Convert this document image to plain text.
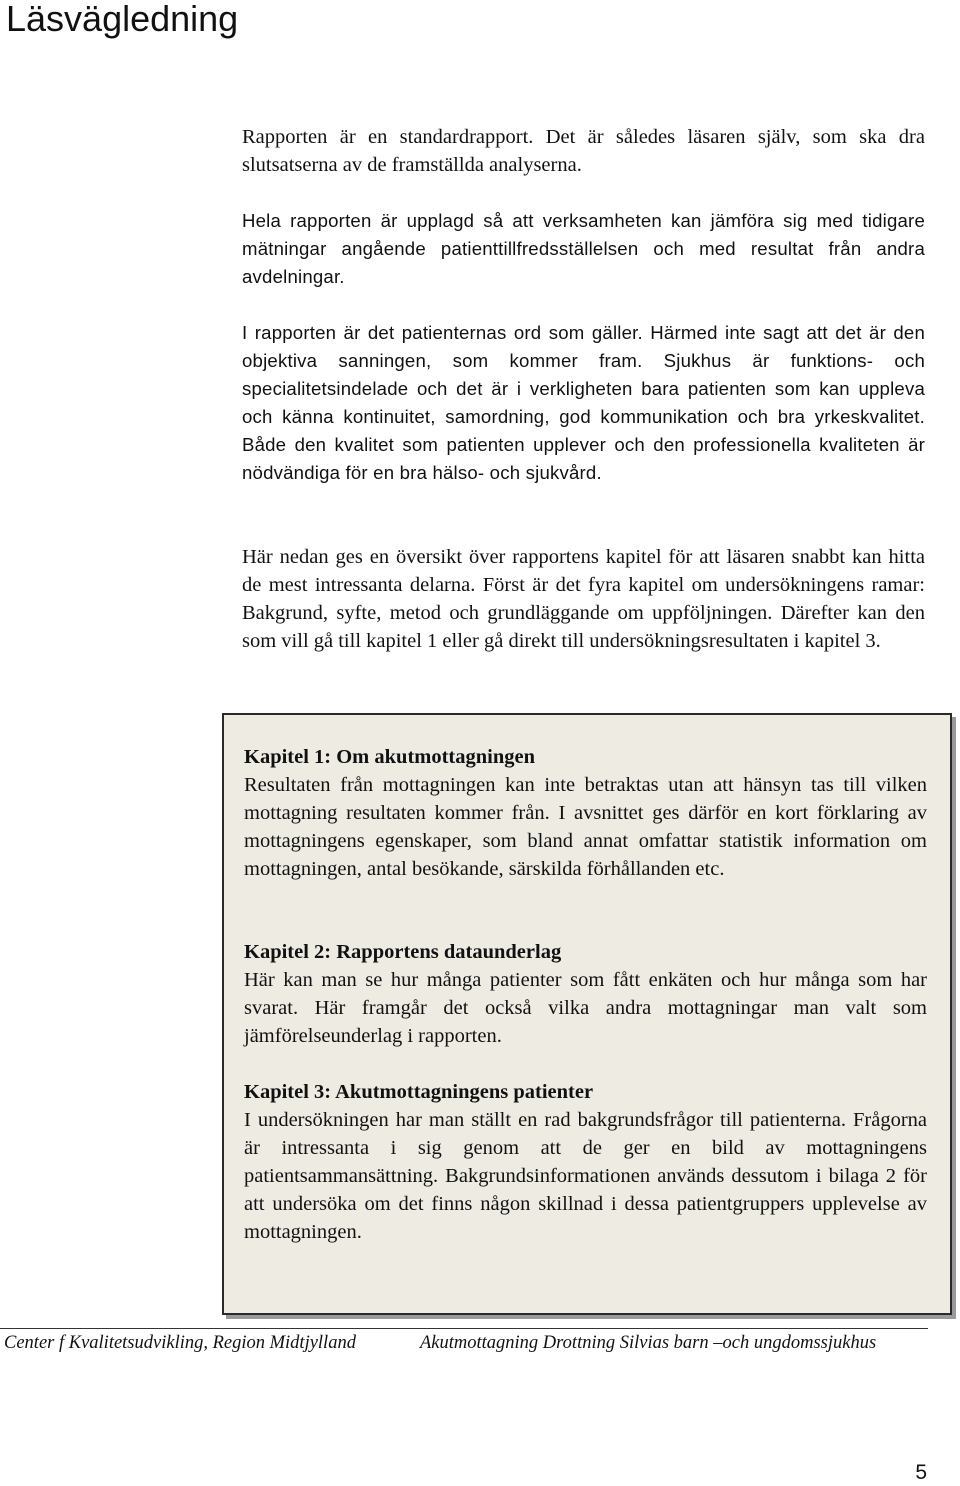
Läsvägledning

Rapporten är en standardrapport. Det är således läsaren själv, som ska dra slutsatserna av de framställda analyserna.

Hela rapporten är upplagd så att verksamheten kan jämföra sig med tidigare mätningar angående patienttillfredsställelsen och med resultat från andra avdelningar.

I rapporten är det patienternas ord som gäller. Härmed inte sagt att det är den objektiva sanningen, som kommer fram. Sjukhus är funktions- och specialitetsindelade och det är i verkligheten bara patienten som kan uppleva och känna kontinuitet, samordning, god kommunikation och bra yrkeskvalitet. Både den kvalitet som patienten upplever och den professionella kvaliteten är nödvändiga för en bra hälso- och sjukvård.

Här nedan ges en översikt över rapportens kapitel för att läsaren snabbt kan hitta de mest intressanta delarna. Först är det fyra kapitel om undersökningens ramar: Bakgrund, syfte, metod och grundläggande om uppföljningen. Därefter kan den som vill gå till kapitel 1 eller gå direkt till undersökningsresultaten i kapitel 3.

Kapitel 1: Om akutmottagningen

Resultaten från mottagningen kan inte betraktas utan att hänsyn tas till vilken mottagning resultaten kommer från. I avsnittet ges därför en kort förklaring av mottagningens egenskaper, som bland annat omfattar statistik information om mottagningen, antal besökande, särskilda förhållanden etc.

Kapitel 2: Rapportens dataunderlag

Här kan man se hur många patienter som fått enkäten och hur många som har svarat. Här framgår det också vilka andra mottagningar man valt som jämförelseunderlag i rapporten.

Kapitel 3: Akutmottagningens patienter

I undersökningen har man ställt en rad bakgrundsfrågor till patienterna. Frågorna är intressanta i sig genom att de ger en bild av mottagningens patientsammansättning. Bakgrundsinformationen används dessutom i bilaga 2 för att undersöka om det finns någon skillnad i dessa patientgruppers upplevelse av mottagningen.

Center f Kvalitetsudvikling, Region Midtjylland	Akutmottagning Drottning Silvias barn –och ungdomssjukhus

5
